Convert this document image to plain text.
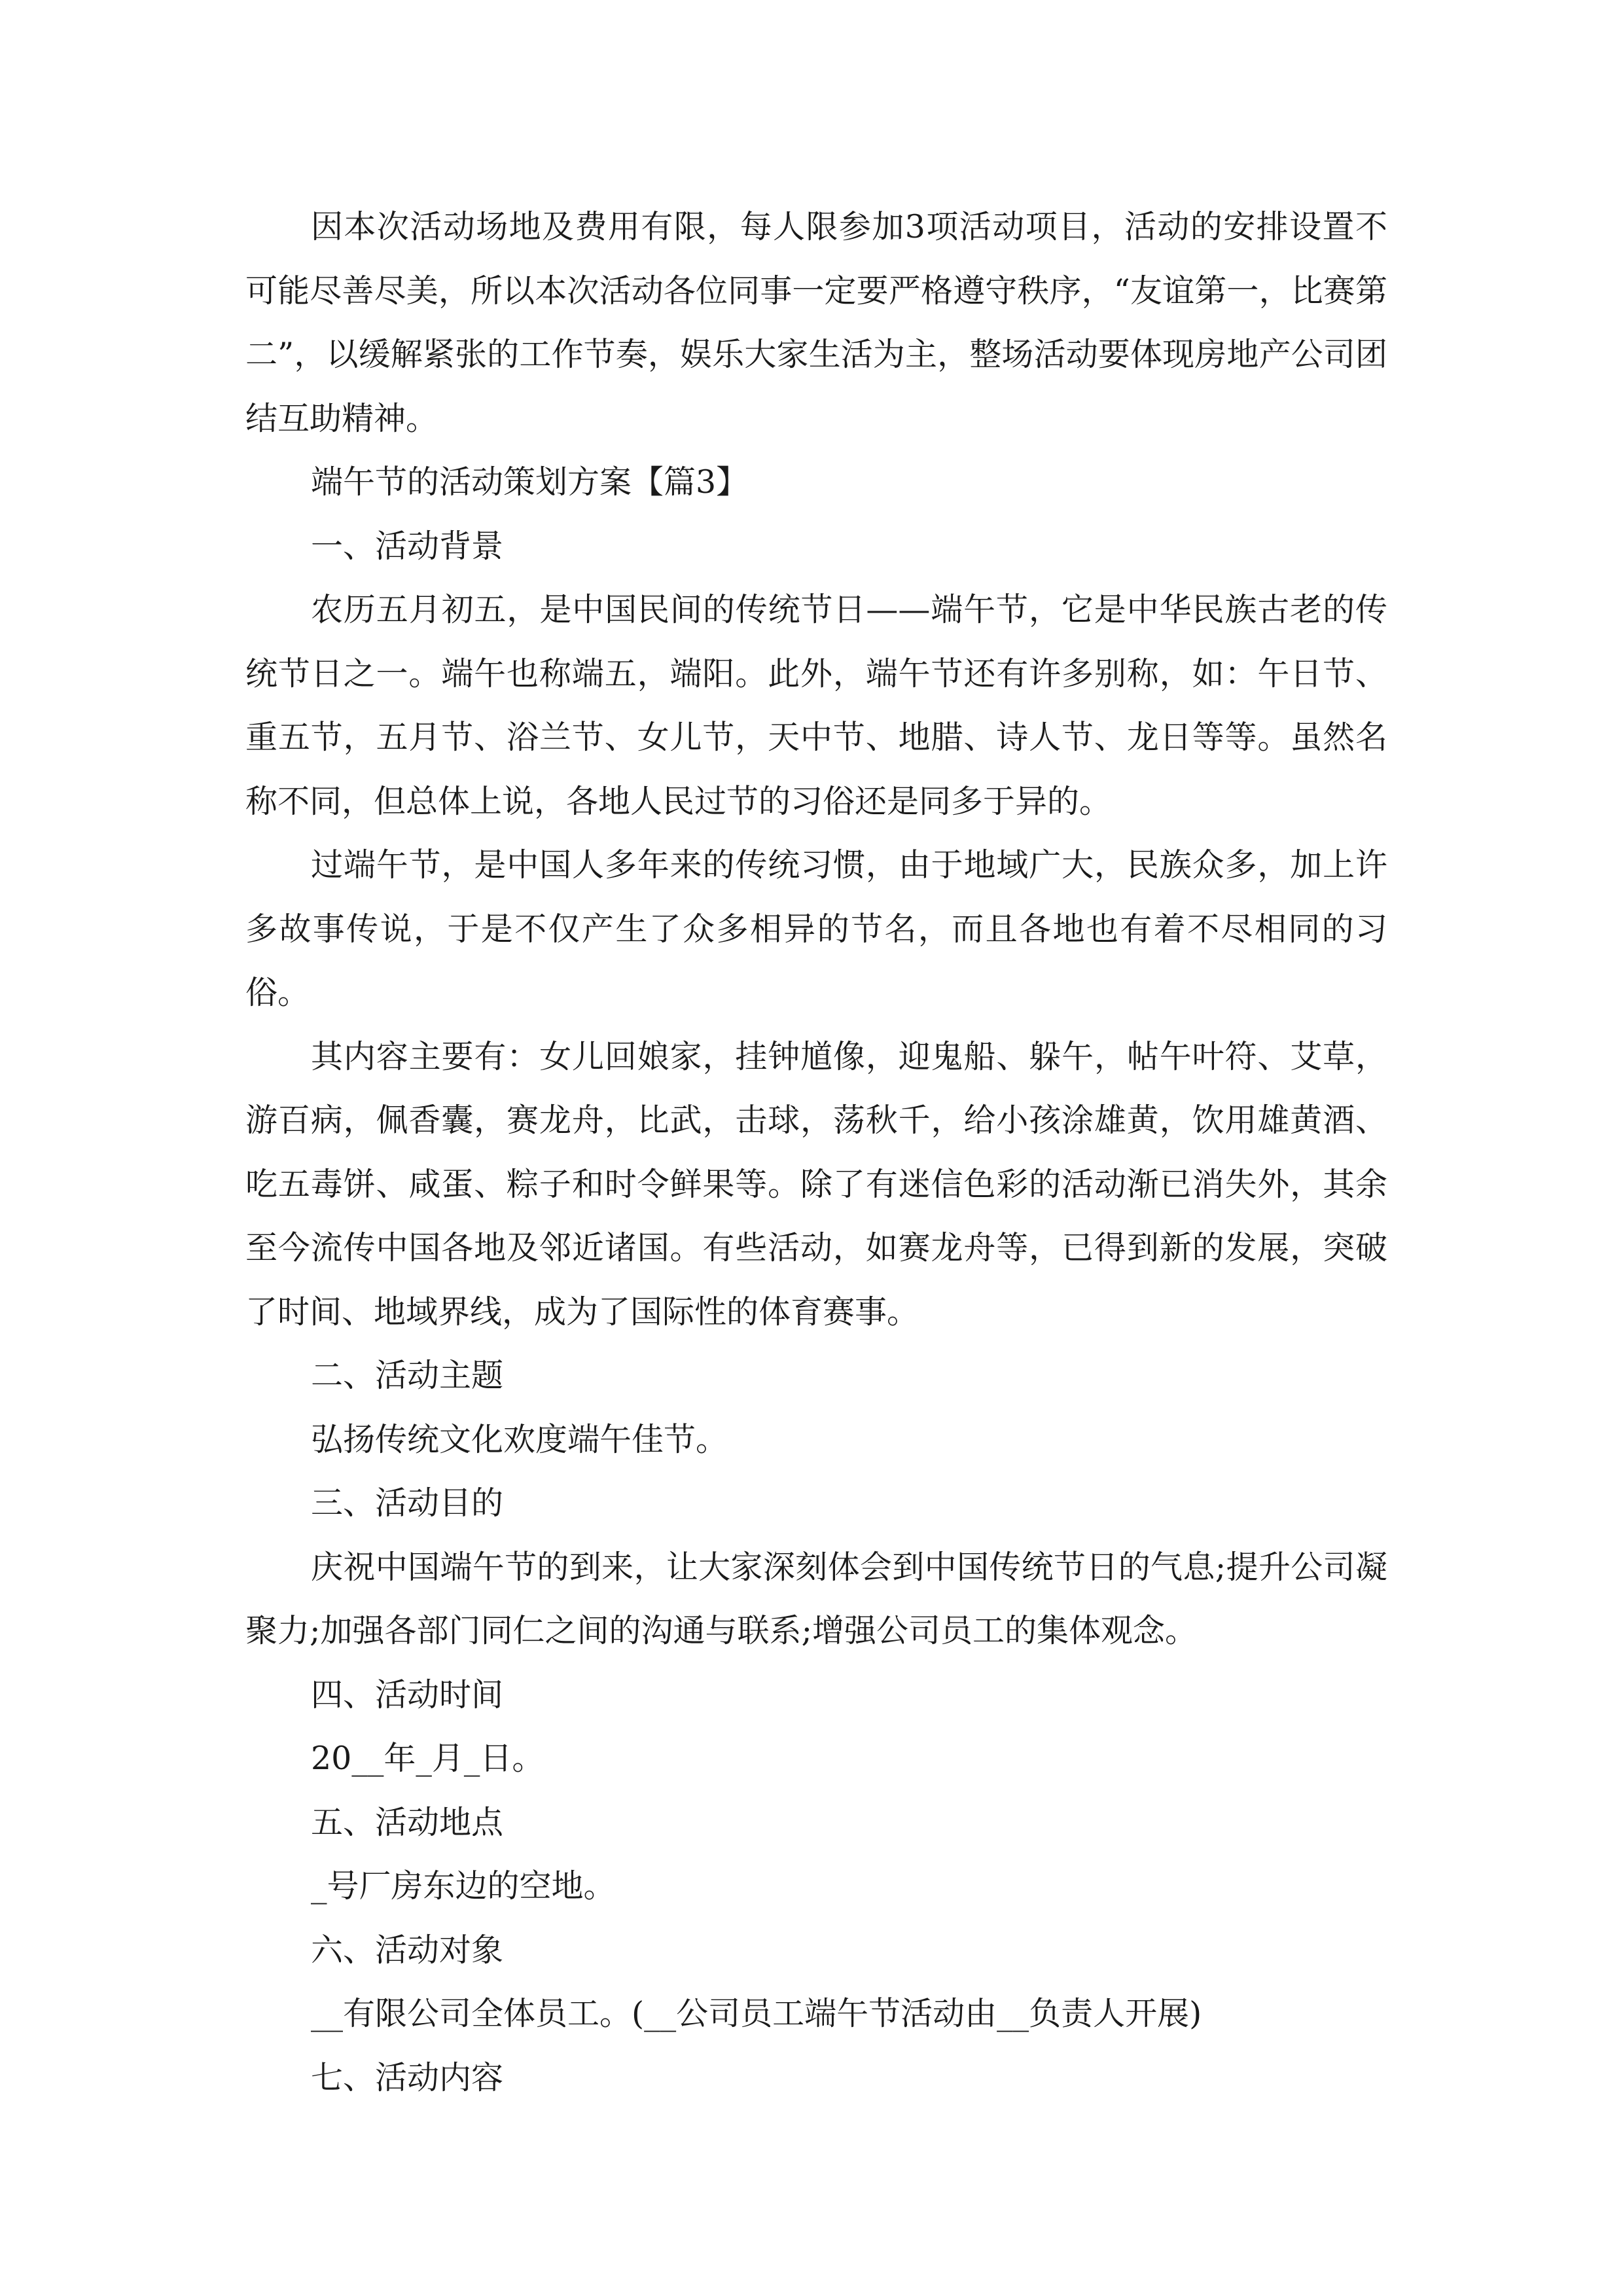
因本次活动场地及费用有限，每人限参加3项活动项目，活动的安排设置不可能尽善尽美，所以本次活动各位同事一定要严格遵守秩序，“友谊第一，比赛第二”，以缓解紧张的工作节奏，娱乐大家生活为主，整场活动要体现房地产公司团结互助精神。

端午节的活动策划方案【篇3】

一、活动背景

农历五月初五，是中国民间的传统节日——端午节，它是中华民族古老的传统节日之一。端午也称端五，端阳。此外，端午节还有许多别称，如：午日节、重五节，五月节、浴兰节、女儿节，天中节、地腊、诗人节、龙日等等。虽然名称不同，但总体上说，各地人民过节的习俗还是同多于异的。

过端午节，是中国人多年来的传统习惯，由于地域广大，民族众多，加上许多故事传说，于是不仅产生了众多相异的节名，而且各地也有着不尽相同的习俗。

其内容主要有：女儿回娘家，挂钟馗像，迎鬼船、躲午，帖午叶符、艾草，游百病，佩香囊，赛龙舟，比武，击球，荡秋千，给小孩涂雄黄，饮用雄黄酒、吃五毒饼、咸蛋、粽子和时令鲜果等。除了有迷信色彩的活动渐已消失外，其余至今流传中国各地及邻近诸国。有些活动，如赛龙舟等，已得到新的发展，突破了时间、地域界线，成为了国际性的体育赛事。

二、活动主题

弘扬传统文化欢度端午佳节。

三、活动目的

庆祝中国端午节的到来，让大家深刻体会到中国传统节日的气息;提升公司凝聚力;加强各部门同仁之间的沟通与联系;增强公司员工的集体观念。

四、活动时间

20__年_月_日。

五、活动地点

_号厂房东边的空地。

六、活动对象

__有限公司全体员工。(__公司员工端午节活动由__负责人开展)

七、活动内容
